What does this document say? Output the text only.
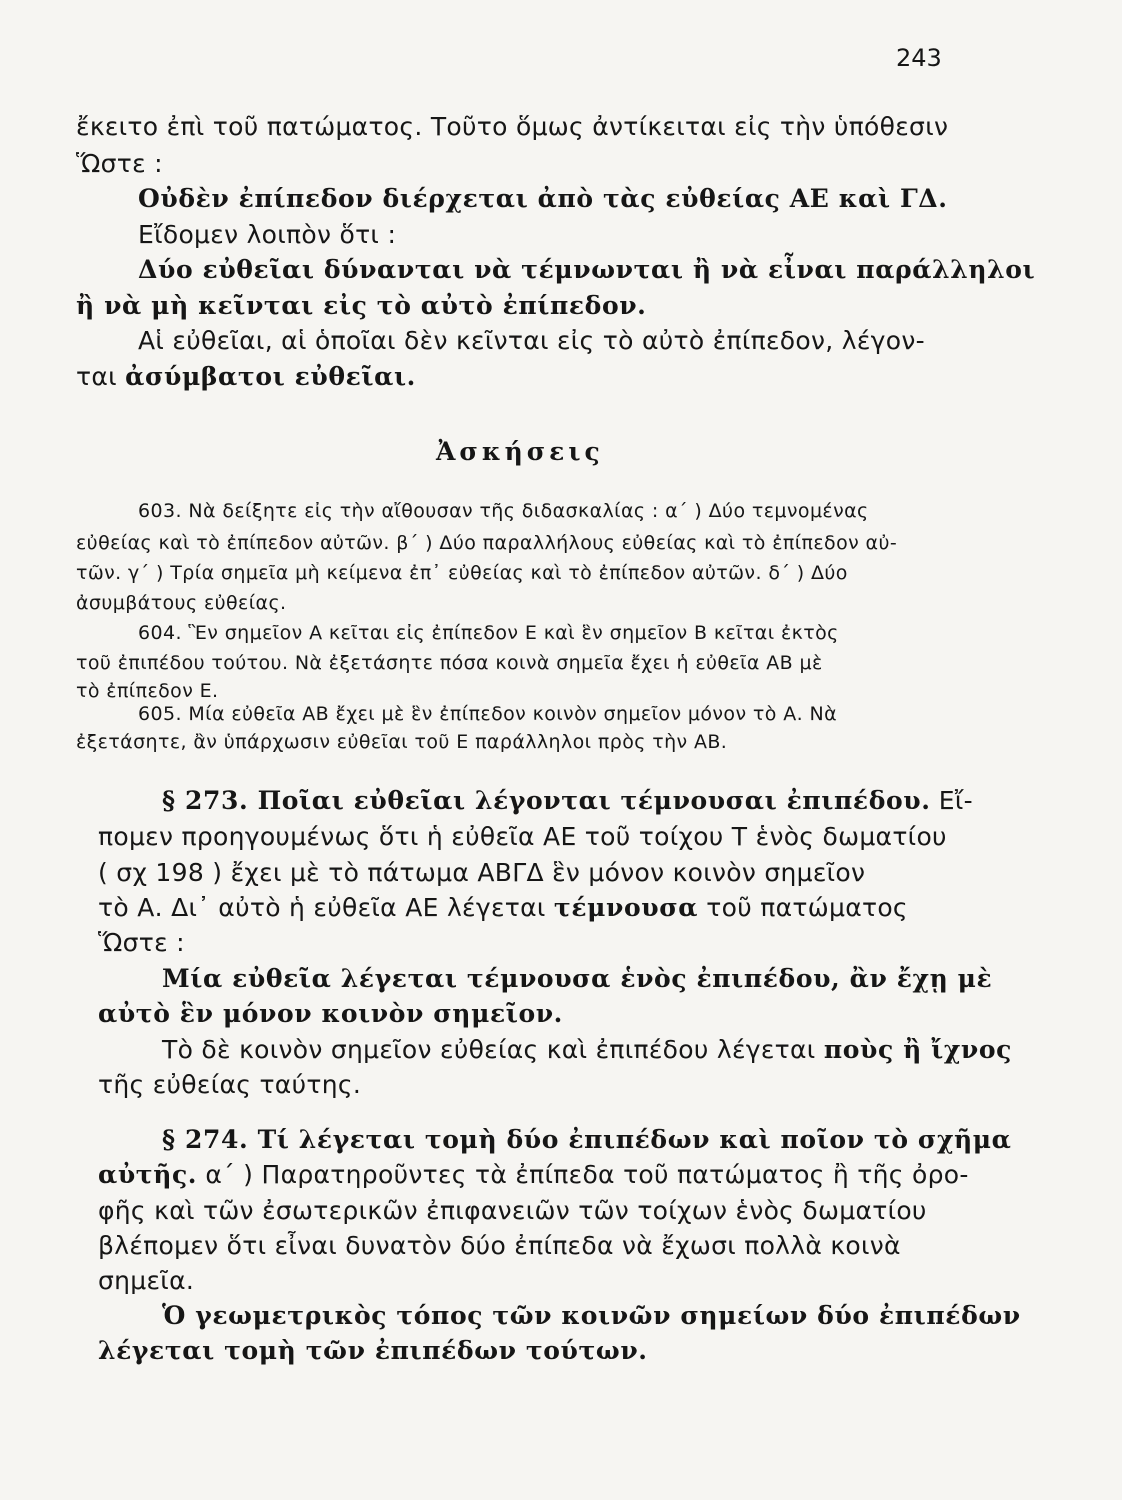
243
ἔκειτο ἐπὶ τοῦ πατώματος. Τοῦτο ὅμως ἀντίκειται εἰς τὴν ὑπόθεσιν
Ὥστε :
Οὐδὲν ἐπίπεδον διέρχεται ἀπὸ τὰς εὐθείας ΑΕ καὶ ΓΔ.
Εἴδομεν λοιπὸν ὅτι :
Δύο εὐθεῖαι δύνανται νὰ τέμνωνται ἢ νὰ εἶναι παράλληλοι
ἢ νὰ μὴ κεῖνται εἰς τὸ αὐτὸ ἐπίπεδον.
Αἱ εὐθεῖαι, αἱ ὁποῖαι δὲν κεῖνται εἰς τὸ αὐτὸ ἐπίπεδον, λέγον-
ται ἀσύμβατοι εὐθεῖαι.
Ἀσκήσεις
603. Νὰ δείξητε εἰς τὴν αἴθουσαν τῆς διδασκαλίας : α΄ ) Δύο τεμνομένας
εὐθείας καὶ τὸ ἐπίπεδον αὐτῶν. β΄ ) Δύο παραλλήλους εὐθείας καὶ τὸ ἐπίπεδον αὐ-
τῶν. γ΄ ) Τρία σημεῖα μὴ κείμενα ἐπ᾽ εὐθείας καὶ τὸ ἐπίπεδον αὐτῶν. δ΄ ) Δύο
ἀσυμβάτους εὐθείας.
604. Ἓν σημεῖον Α κεῖται εἰς ἐπίπεδον Ε καὶ ἓν σημεῖον Β κεῖται ἐκτὸς
τοῦ ἐπιπέδου τούτου. Νὰ ἐξετάσητε πόσα κοινὰ σημεῖα ἔχει ἡ εὐθεῖα ΑΒ μὲ
τὸ ἐπίπεδον Ε.
605. Μία εὐθεῖα ΑΒ ἔχει μὲ ἓν ἐπίπεδον κοινὸν σημεῖον μόνον τὸ Α. Νὰ
ἐξετάσητε, ἂν ὑπάρχωσιν εὐθεῖαι τοῦ Ε παράλληλοι πρὸς τὴν ΑΒ.
§ 273. Ποῖαι εὐθεῖαι λέγονται τέμνουσαι ἐπιπέδου. Εἴ-
πομεν προηγουμένως ὅτι ἡ εὐθεῖα ΑΕ τοῦ τοίχου Τ ἑνὸς δωματίου
( σχ 198 ) ἔχει μὲ τὸ πάτωμα ΑΒΓΔ ἓν μόνον κοινὸν σημεῖον
τὸ Α. Δι᾽ αὐτὸ ἡ εὐθεῖα ΑΕ λέγεται τέμνουσα τοῦ πατώματος
Ὥστε :
Μία εὐθεῖα λέγεται τέμνουσα ἑνὸς ἐπιπέδου, ἂν ἔχῃ μὲ
αὐτὸ ἓν μόνον κοινὸν σημεῖον.
Τὸ δὲ κοινὸν σημεῖον εὐθείας καὶ ἐπιπέδου λέγεται ποὺς ἢ ἴχνος
τῆς εὐθείας ταύτης.
§ 274. Τί λέγεται τομὴ δύο ἐπιπέδων καὶ ποῖον τὸ σχῆμα
αὐτῆς. α΄ ) Παρατηροῦντες τὰ ἐπίπεδα τοῦ πατώματος ἢ τῆς ὀρο-
φῆς καὶ τῶν ἐσωτερικῶν ἐπιφανειῶν τῶν τοίχων ἑνὸς δωματίου
βλέπομεν ὅτι εἶναι δυνατὸν δύο ἐπίπεδα νὰ ἔχωσι πολλὰ κοινὰ
σημεῖα.
Ὁ γεωμετρικὸς τόπος τῶν κοινῶν σημείων δύο ἐπιπέδων
λέγεται τομὴ τῶν ἐπιπέδων τούτων.
